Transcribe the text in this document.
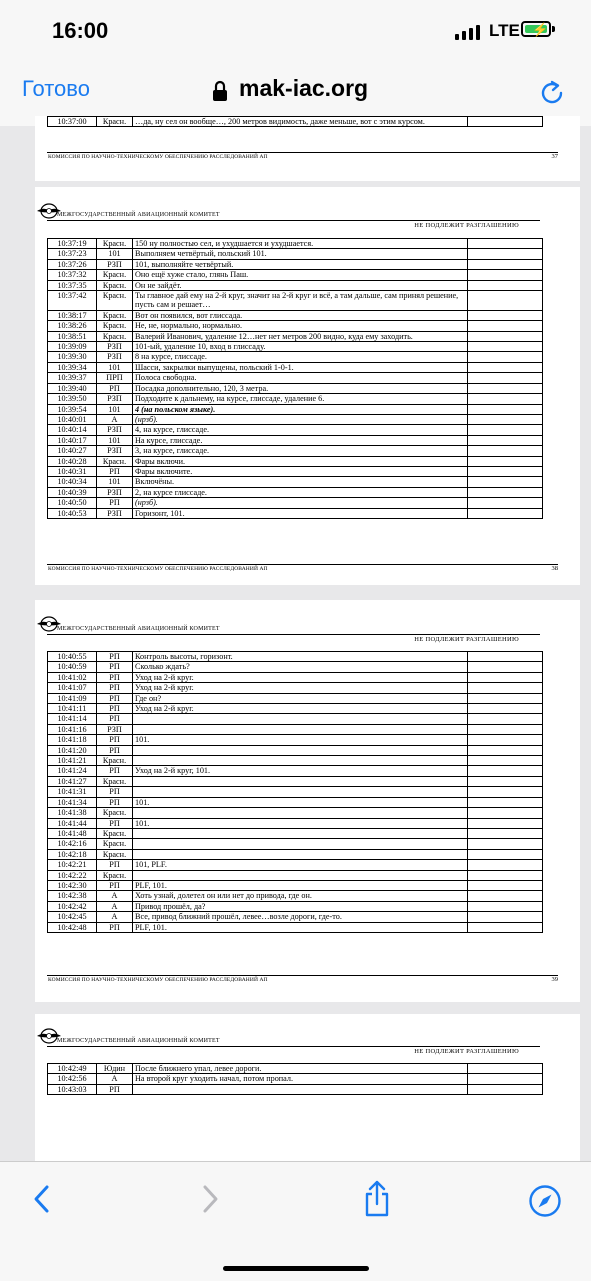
16:00	LTE ⚡
Готово	mak-iac.org
10:37:00	Красн.	…да, ну сел он вообще…, 200 метров видимость, даже меньше, вот с этим курсом.	
КОМИССИЯ ПО НАУЧНО-ТЕХНИЧЕСКОМУ ОБЕСПЕЧЕНИЮ РАССЛЕДОВАНИЙ АП	37
МЕЖГОСУДАРСТВЕННЫЙ АВИАЦИОННЫЙ КОМИТЕТ
НЕ ПОДЛЕЖИТ РАЗГЛАШЕНИЮ
10:37:19	Красн.	150 ну полностью сел, и ухудшается и ухудшается.	
10:37:23	101	Выполняем четвёртый, польский 101.	
10:37:26	РЗП	101, выполняйте четвёртый.	
10:37:32	Красн.	Оно ещё хуже стало, глянь Паш.	
10:37:35	Красн.	Он не зайдёт.	
10:37:42	Красн.	Ты главное дай ему на 2-й круг, значит на 2-й круг и всё, а там дальше, сам принял решение, пусть сам и решает…	
10:38:17	Красн.	Вот он появился, вот глиссада.	
10:38:26	Красн.	Не, не, нормально, нормально.	
10:38:51	Красн.	Валерий Иванович, удаление 12…нет нет метров 200 видно, куда ему заходить.	
10:39:09	РЗП	101-ый, удаление 10, вход в глиссаду.	
10:39:30	РЗП	8 на курсе, глиссаде.	
10:39:34	101	Шасси, закрылки выпущены, польский 1-0-1.	
10:39:37	ПРП	Полоса свободна.	
10:39:40	РП	Посадка дополнительно, 120, 3 метра.	
10:39:50	РЗП	Подходите к дальнему, на курсе, глиссаде, удаление 6.	
10:39:54	101	4 (на польском языке).	
10:40:01	А	(нрзб).	
10:40:14	РЗП	4, на курсе, глиссаде.	
10:40:17	101	На курсе, глиссаде.	
10:40:27	РЗП	3, на курсе, глиссаде.	
10:40:28	Красн.	Фары включи.	
10:40:31	РП	Фары включите.	
10:40:34	101	Включёны.	
10:40:39	РЗП	2, на курсе глиссаде.	
10:40:50	РП	(нрзб).	
10:40:53	РЗП	Горизонт, 101.	
КОМИССИЯ ПО НАУЧНО-ТЕХНИЧЕСКОМУ ОБЕСПЕЧЕНИЮ РАССЛЕДОВАНИЙ АП	38
МЕЖГОСУДАРСТВЕННЫЙ АВИАЦИОННЫЙ КОМИТЕТ
НЕ ПОДЛЕЖИТ РАЗГЛАШЕНИЮ
10:40:55	РП	Контроль высоты, горизонт.	
10:40:59	РП	Сколько ждать?	
10:41:02	РП	Уход на 2-й круг.	
10:41:07	РП	Уход на 2-й круг.	
10:41:09	РП	Где он?	
10:41:11	РП	Уход на 2-й круг.	
10:41:14	РП		
10:41:16	РЗП		
10:41:18	РП	101.	
10:41:20	РП		
10:41:21	Красн.		
10:41:24	РП	Уход на 2-й круг, 101.	
10:41:27	Красн.		
10:41:31	РП		
10:41:34	РП	101.	
10:41:38	Красн.		
10:41:44	РП	101.	
10:41:48	Красн.		
10:42:16	Красн.		
10:42:18	Красн.		
10:42:21	РП	101, PLF.	
10:42:22	Красн.		
10:42:30	РП	PLF, 101.	
10:42:38	А	Хоть узнай, долетел он или нет до привода, где он.	
10:42:42	А	Привод прошёл, да?	
10:42:45	А	Все, привод ближний прошёл, левее…возле дороги, где-то.	
10:42:48	РП	PLF, 101.	
КОМИССИЯ ПО НАУЧНО-ТЕХНИЧЕСКОМУ ОБЕСПЕЧЕНИЮ РАССЛЕДОВАНИЙ АП	39
МЕЖГОСУДАРСТВЕННЫЙ АВИАЦИОННЫЙ КОМИТЕТ
НЕ ПОДЛЕЖИТ РАЗГЛАШЕНИЮ
10:42:49	Юдин	После ближнего упал, левее дороги.	
10:42:56	А	На второй круг уходить начал, потом пропал.	
10:43:03	РП		
